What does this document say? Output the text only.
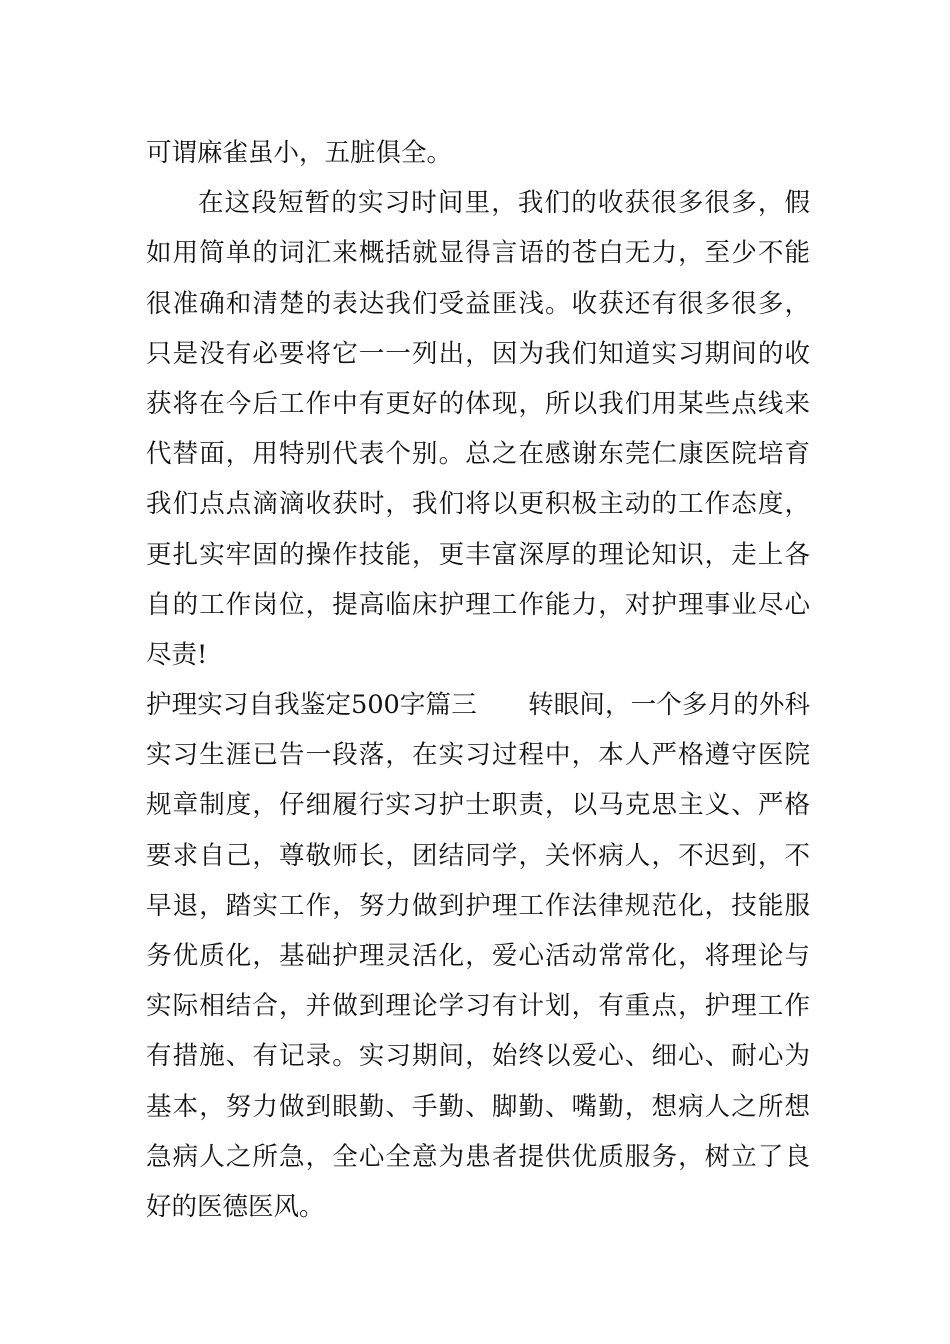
可谓麻雀虽小，五脏俱全。
在这段短暂的实习时间里，我们的收获很多很多，假
如用简单的词汇来概括就显得言语的苍白无力，至少不能
很准确和清楚的表达我们受益匪浅。收获还有很多很多，
只是没有必要将它一一列出，因为我们知道实习期间的收
获将在今后工作中有更好的体现，所以我们用某些点线来
代替面，用特别代表个别。总之在感谢东莞仁康医院培育
我们点点滴滴收获时，我们将以更积极主动的工作态度，
更扎实牢固的操作技能，更丰富深厚的理论知识，走上各
自的工作岗位，提高临床护理工作能力，对护理事业尽心
尽责!
护理实习自我鉴定500字篇三　　转眼间，一个多月的外科
实习生涯已告一段落，在实习过程中，本人严格遵守医院
规章制度，仔细履行实习护士职责，以马克思主义、严格
要求自己，尊敬师长，团结同学，关怀病人，不迟到，不
早退，踏实工作，努力做到护理工作法律规范化，技能服
务优质化，基础护理灵活化，爱心活动常常化，将理论与
实际相结合，并做到理论学习有计划，有重点，护理工作
有措施、有记录。实习期间，始终以爱心、细心、耐心为
基本，努力做到眼勤、手勤、脚勤、嘴勤，想病人之所想
急病人之所急，全心全意为患者提供优质服务，树立了良
好的医德医风。
